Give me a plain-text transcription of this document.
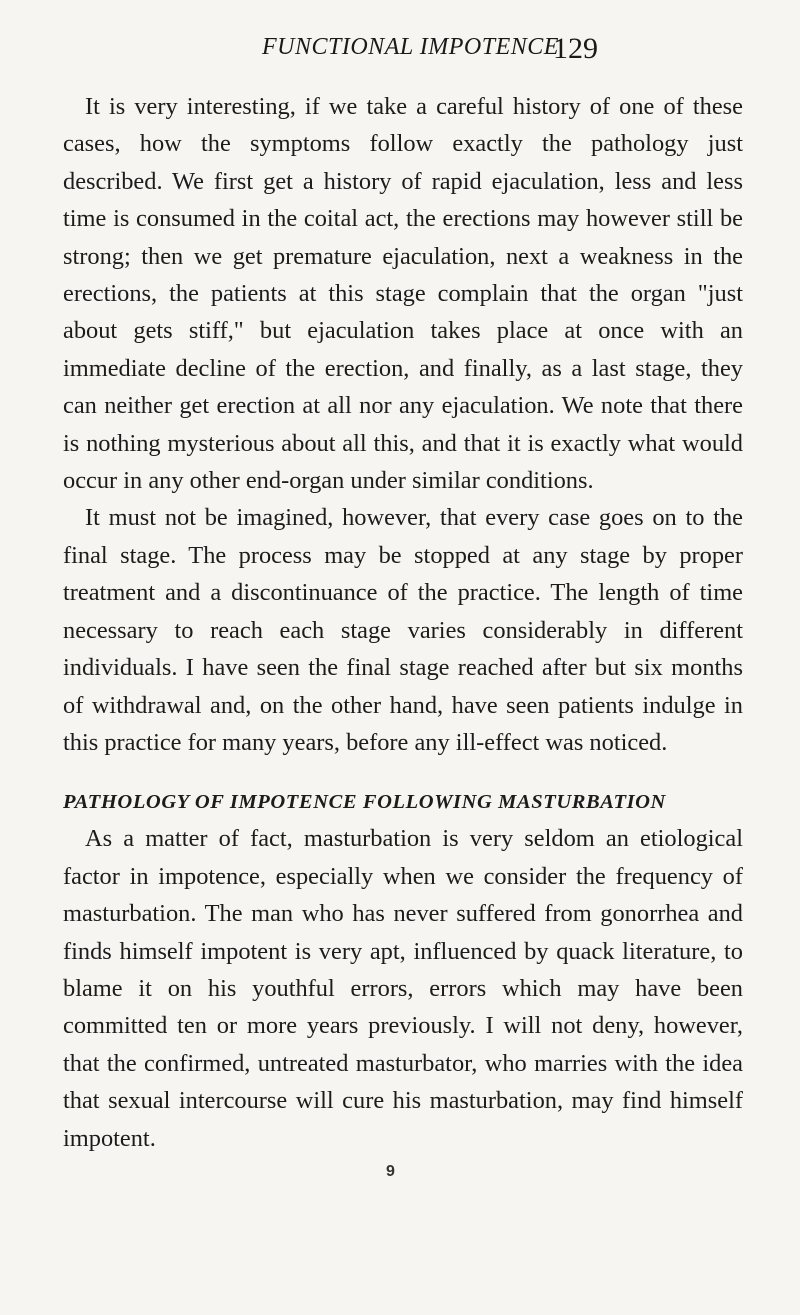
FUNCTIONAL IMPOTENCE
129

It is very interesting, if we take a careful history of one of these cases, how the symptoms follow exactly the pathology just described. We first get a history of rapid ejaculation, less and less time is consumed in the coital act, the erections may however still be strong; then we get premature ejaculation, next a weakness in the erections, the patients at this stage complain that the organ "just about gets stiff," but ejaculation takes place at once with an immediate decline of the erection, and finally, as a last stage, they can neither get erection at all nor any ejaculation. We note that there is nothing mysterious about all this, and that it is exactly what would occur in any other end-organ under similar conditions.

It must not be imagined, however, that every case goes on to the final stage. The process may be stopped at any stage by proper treatment and a discontinuance of the practice. The length of time necessary to reach each stage varies considerably in different individuals. I have seen the final stage reached after but six months of withdrawal and, on the other hand, have seen patients indulge in this practice for many years, before any ill-effect was noticed.

PATHOLOGY OF IMPOTENCE FOLLOWING MASTURBATION

As a matter of fact, masturbation is very seldom an etiological factor in impotence, especially when we consider the frequency of masturbation. The man who has never suffered from gonorrhea and finds himself impotent is very apt, influenced by quack literature, to blame it on his youthful errors, errors which may have been committed ten or more years previously. I will not deny, however, that the confirmed, untreated masturbator, who marries with the idea that sexual intercourse will cure his masturbation, may find himself impotent.

9
